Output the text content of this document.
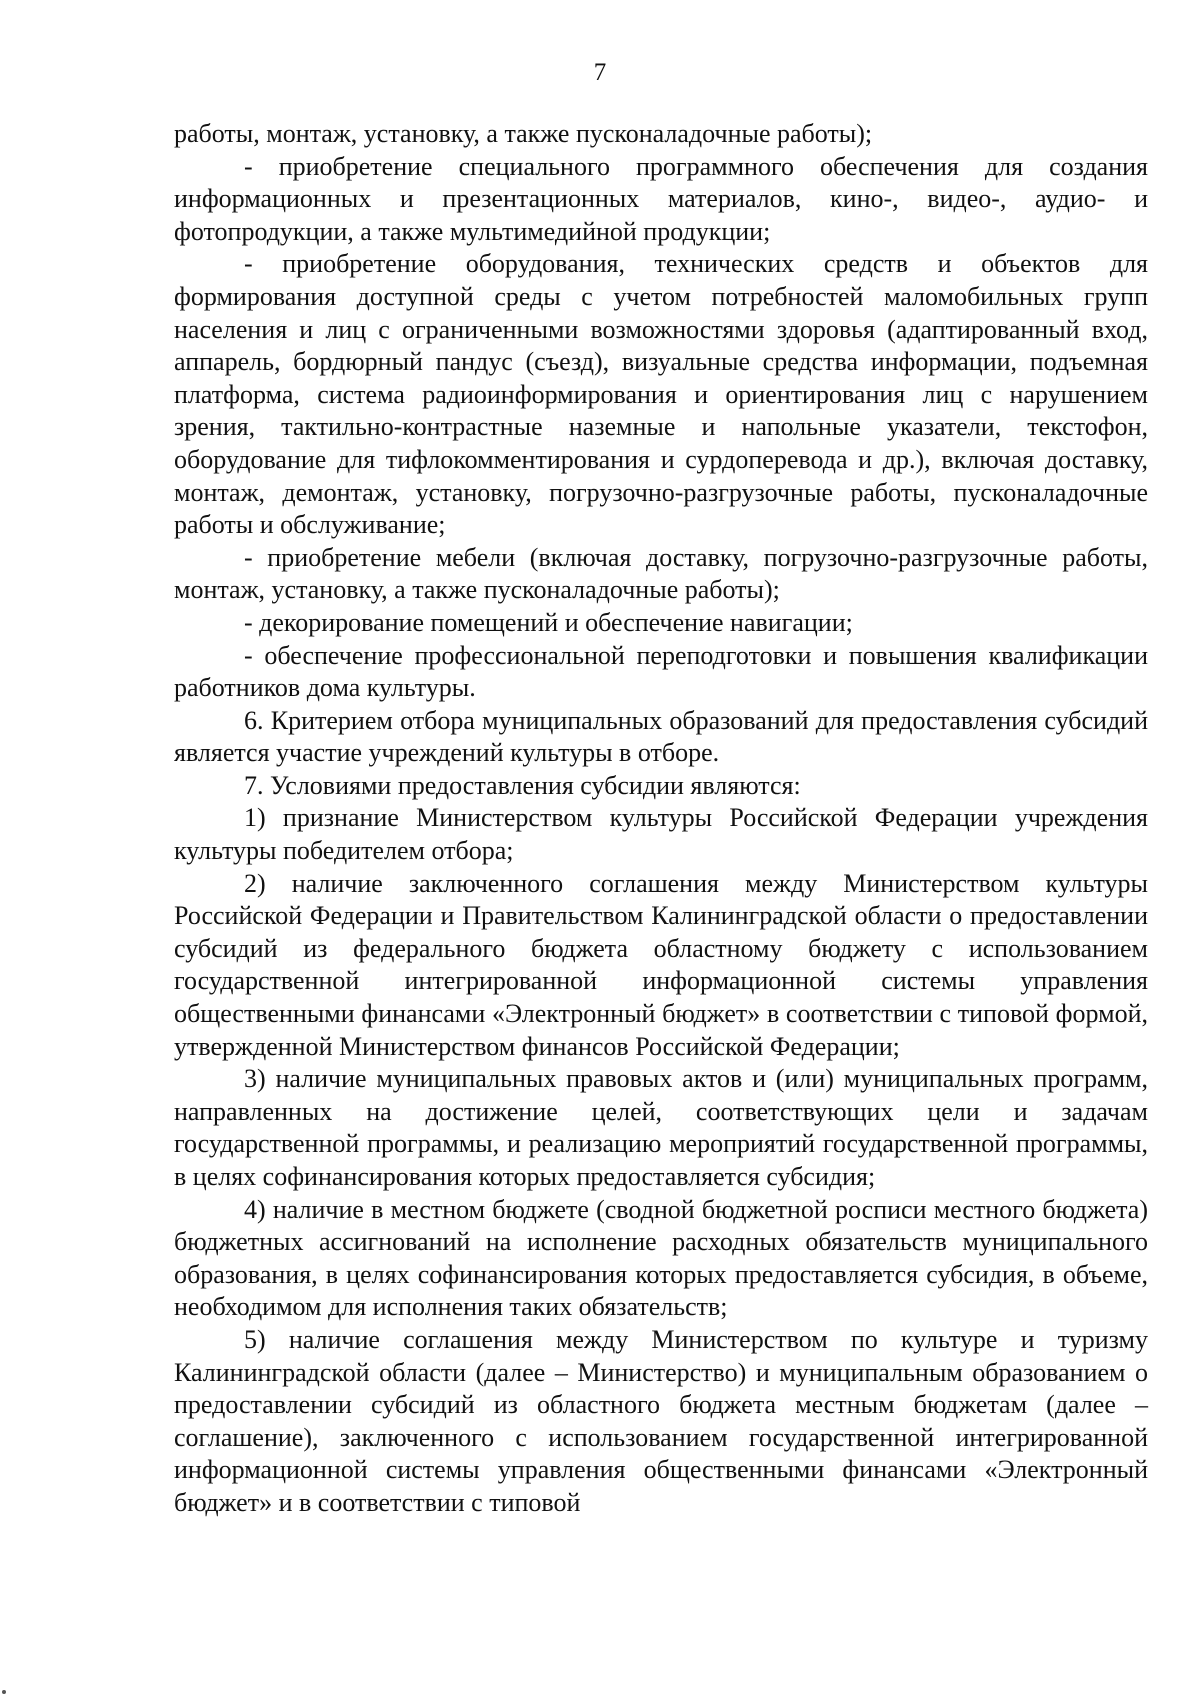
7

работы, монтаж, установку, а также пусконаладочные работы);

- приобретение специального программного обеспечения для создания информационных и презентационных материалов, кино-, видео-, аудио- и фотопродукции, а также мультимедийной продукции;

- приобретение оборудования, технических средств и объектов для формирования доступной среды с учетом потребностей маломобильных групп населения и лиц с ограниченными возможностями здоровья (адаптированный вход, аппарель, бордюрный пандус (съезд), визуальные средства информации, подъемная платформа, система радиоинформирования и ориентирования лиц с нарушением зрения, тактильно-контрастные наземные и напольные указатели, текстофон, оборудование для тифлокомментирования и сурдоперевода и др.), включая доставку, монтаж, демонтаж, установку, погрузочно-разгрузочные работы, пусконаладочные работы и обслуживание;

- приобретение мебели (включая доставку, погрузочно-разгрузочные работы, монтаж, установку, а также пусконаладочные работы);

- декорирование помещений и обеспечение навигации;

- обеспечение профессиональной переподготовки и повышения квалификации работников дома культуры.

6. Критерием отбора муниципальных образований для предоставления субсидий является участие учреждений культуры в отборе.

7. Условиями предоставления субсидии являются:

1) признание Министерством культуры Российской Федерации учреждения культуры победителем отбора;

2) наличие заключенного соглашения между Министерством культуры Российской Федерации и Правительством Калининградской области о предоставлении субсидий из федерального бюджета областному бюджету с использованием государственной интегрированной информационной системы управления общественными финансами «Электронный бюджет» в соответствии с типовой формой, утвержденной Министерством финансов Российской Федерации;

3) наличие муниципальных правовых актов и (или) муниципальных программ, направленных на достижение целей, соответствующих цели и задачам государственной программы, и реализацию мероприятий государственной программы, в целях софинансирования которых предоставляется субсидия;

4) наличие в местном бюджете (сводной бюджетной росписи местного бюджета) бюджетных ассигнований на исполнение расходных обязательств муниципального образования, в целях софинансирования которых предоставляется субсидия, в объеме, необходимом для исполнения таких обязательств;

5) наличие соглашения между Министерством по культуре и туризму Калининградской области (далее – Министерство) и муниципальным образованием о предоставлении субсидий из областного бюджета местным бюджетам (далее – соглашение), заключенного с использованием государственной интегрированной информационной системы управления общественными финансами «Электронный бюджет» и в соответствии с типовой
